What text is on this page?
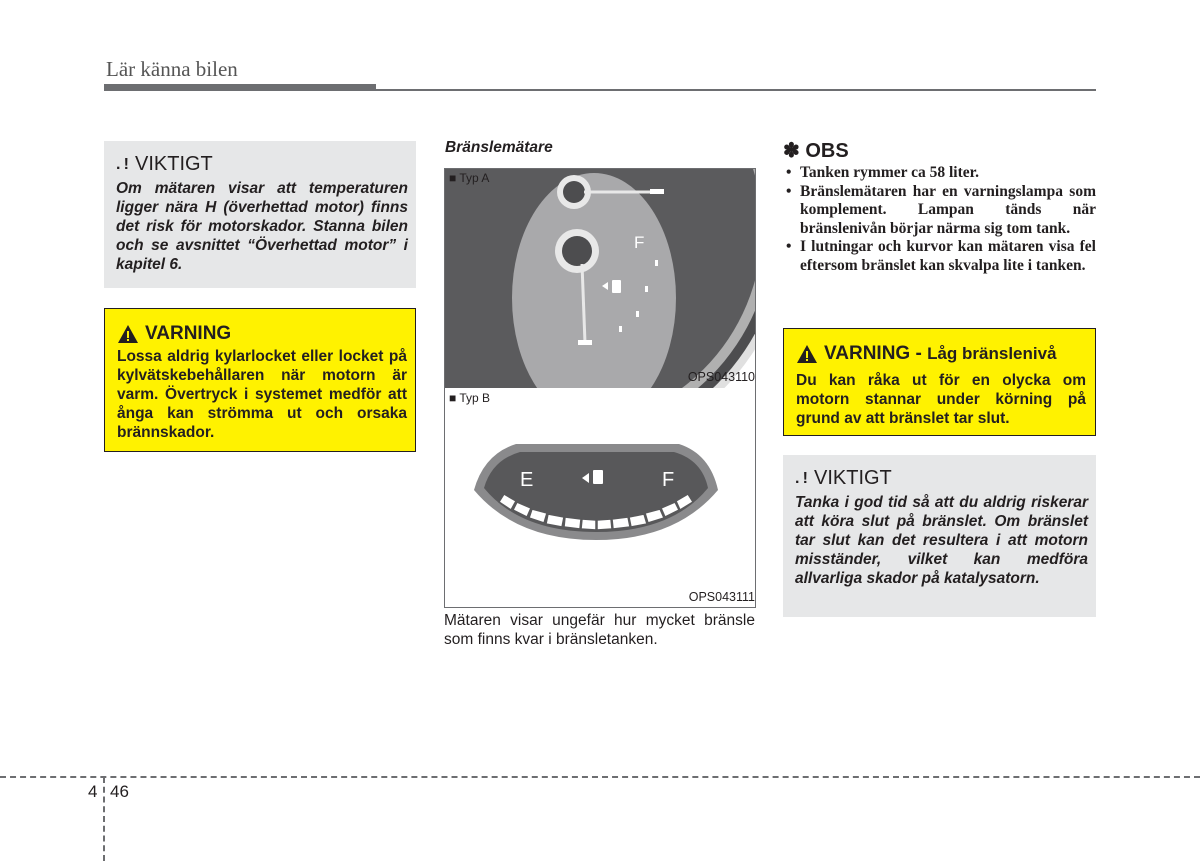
Lär känna bilen
. ! VIKTIGT
Om mätaren visar att temperaturen ligger nära H (överhettad motor) finns det risk för motorskador. Stanna bilen och se avsnittet “Överhettad motor” i kapitel 6.
VARNING
Lossa aldrig kylarlocket eller locket på kylvätskebehållaren när motorn är varm. Övertryck i systemet medför att ånga kan strömma ut och orsaka brännskador.
Bränslemätare
■ Typ A
F
OPS043110
■ Typ B
E	F
OPS043111
Mätaren visar ungefär hur mycket bränsle som finns kvar i bränsletanken.
✽ OBS
• Tanken rymmer ca 58 liter.
• Bränslemätaren har en varningslampa som komplement. Lampan tänds när bränslenivån börjar närma sig tom tank.
• I lutningar och kurvor kan mätaren visa fel eftersom bränslet kan skvalpa lite i tanken.
VARNING - Låg bränslenivå
Du kan råka ut för en olycka om motorn stannar under körning på grund av att bränslet tar slut.
. ! VIKTIGT
Tanka i god tid så att du aldrig riskerar att köra slut på bränslet. Om bränslet tar slut kan det resultera i att motorn misständer, vilket kan medföra allvarliga skador på katalysatorn.
4 46
